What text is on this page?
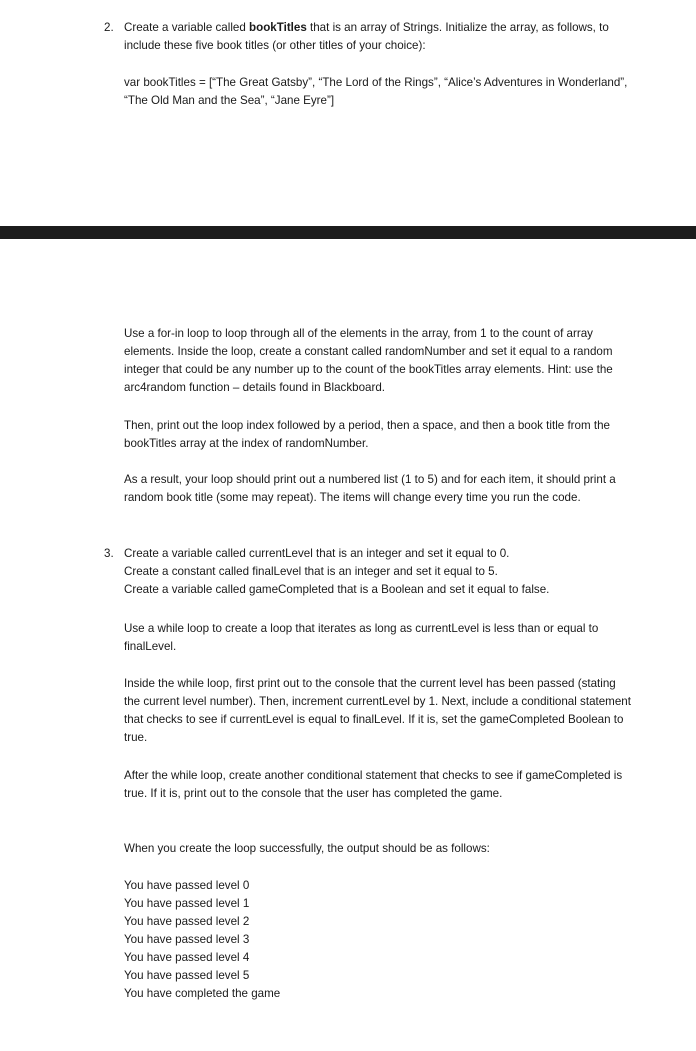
2. Create a variable called bookTitles that is an array of Strings. Initialize the array, as follows, to include these five book titles (or other titles of your choice):

var bookTitles = [“The Great Gatsby”, “The Lord of the Rings”, “Alice’s Adventures in Wonderland”, “The Old Man and the Sea”, “Jane Eyre”]

Use a for-in loop to loop through all of the elements in the array, from 1 to the count of array elements. Inside the loop, create a constant called randomNumber and set it equal to a random integer that could be any number up to the count of the bookTitles array elements. Hint: use the arc4random function – details found in Blackboard.

Then, print out the loop index followed by a period, then a space, and then a book title from the bookTitles array at the index of randomNumber.

As a result, your loop should print out a numbered list (1 to 5) and for each item, it should print a random book title (some may repeat). The items will change every time you run the code.

3. Create a variable called currentLevel that is an integer and set it equal to 0.

Create a constant called finalLevel that is an integer and set it equal to 5.

Create a variable called gameCompleted that is a Boolean and set it equal to false.

Use a while loop to create a loop that iterates as long as currentLevel is less than or equal to finalLevel.

Inside the while loop, first print out to the console that the current level has been passed (stating the current level number). Then, increment currentLevel by 1. Next, include a conditional statement that checks to see if currentLevel is equal to finalLevel. If it is, set the gameCompleted Boolean to true.

After the while loop, create another conditional statement that checks to see if gameCompleted is true. If it is, print out to the console that the user has completed the game.

When you create the loop successfully, the output should be as follows:

You have passed level 0
You have passed level 1
You have passed level 2
You have passed level 3
You have passed level 4
You have passed level 5
You have completed the game
